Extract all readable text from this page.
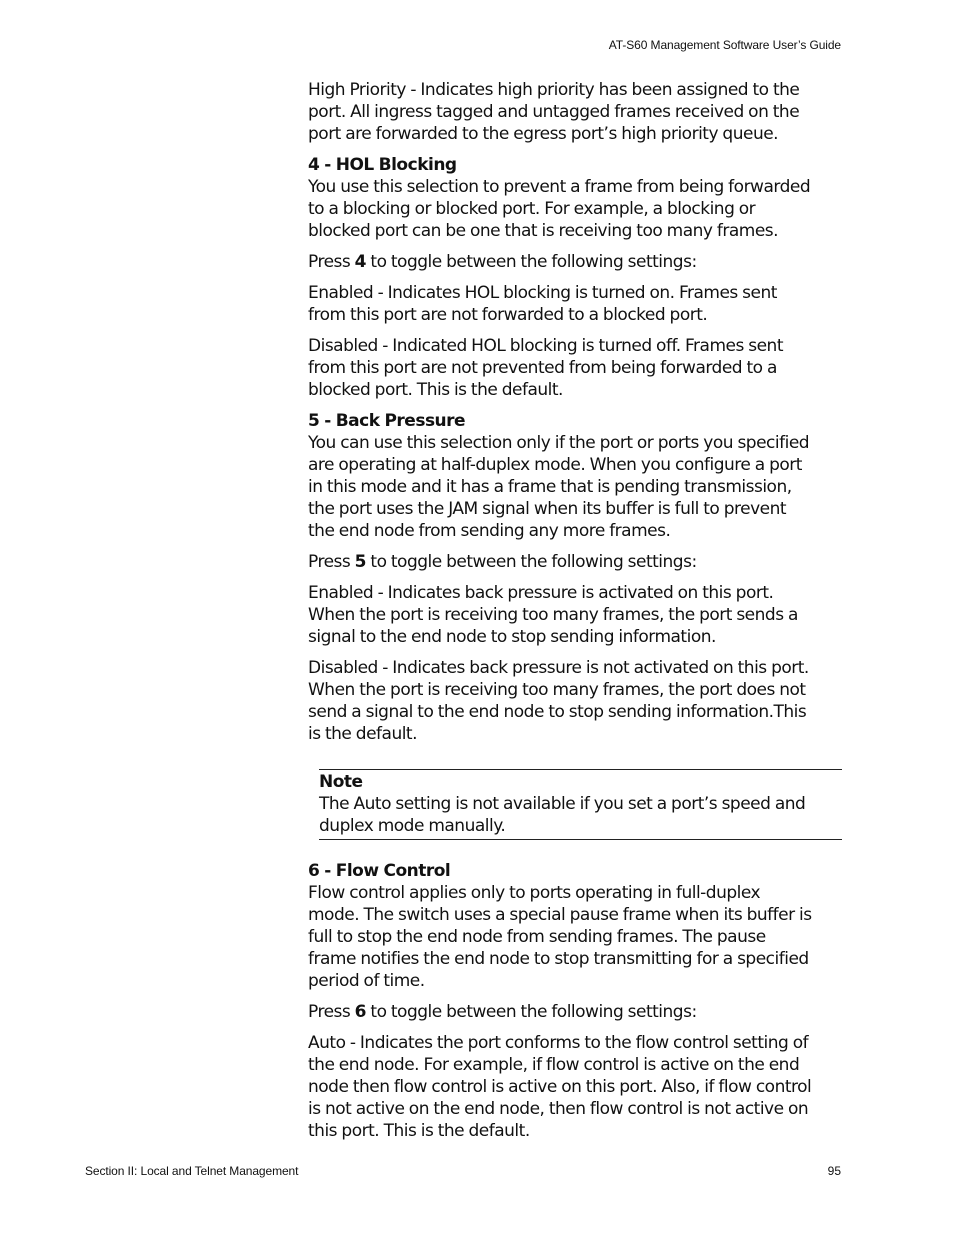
AT-S60 Management Software User’s Guide

High Priority - Indicates high priority has been assigned to the port. All ingress tagged and untagged frames received on the port are forwarded to the egress port’s high priority queue.

4 - HOL Blocking
You use this selection to prevent a frame from being forwarded to a blocking or blocked port. For example, a blocking or blocked port can be one that is receiving too many frames.

Press 4 to toggle between the following settings:

Enabled - Indicates HOL blocking is turned on. Frames sent from this port are not forwarded to a blocked port.

Disabled - Indicated HOL blocking is turned off. Frames sent from this port are not prevented from being forwarded to a blocked port. This is the default.

5 - Back Pressure
You can use this selection only if the port or ports you specified are operating at half-duplex mode. When you configure a port in this mode and it has a frame that is pending transmission, the port uses the JAM signal when its buffer is full to prevent the end node from sending any more frames.

Press 5 to toggle between the following settings:

Enabled - Indicates back pressure is activated on this port. When the port is receiving too many frames, the port sends a signal to the end node to stop sending information.

Disabled - Indicates back pressure is not activated on this port. When the port is receiving too many frames, the port does not send a signal to the end node to stop sending information.This is the default.

Note
The Auto setting is not available if you set a port’s speed and duplex mode manually.

6 - Flow Control
Flow control applies only to ports operating in full-duplex mode. The switch uses a special pause frame when its buffer is full to stop the end node from sending frames. The pause frame notifies the end node to stop transmitting for a specified period of time.

Press 6 to toggle between the following settings:

Auto - Indicates the port conforms to the flow control setting of the end node. For example, if flow control is active on the end node then flow control is active on this port. Also, if flow control is not active on the end node, then flow control is not active on this port. This is the default.

Section II: Local and Telnet Management	95
